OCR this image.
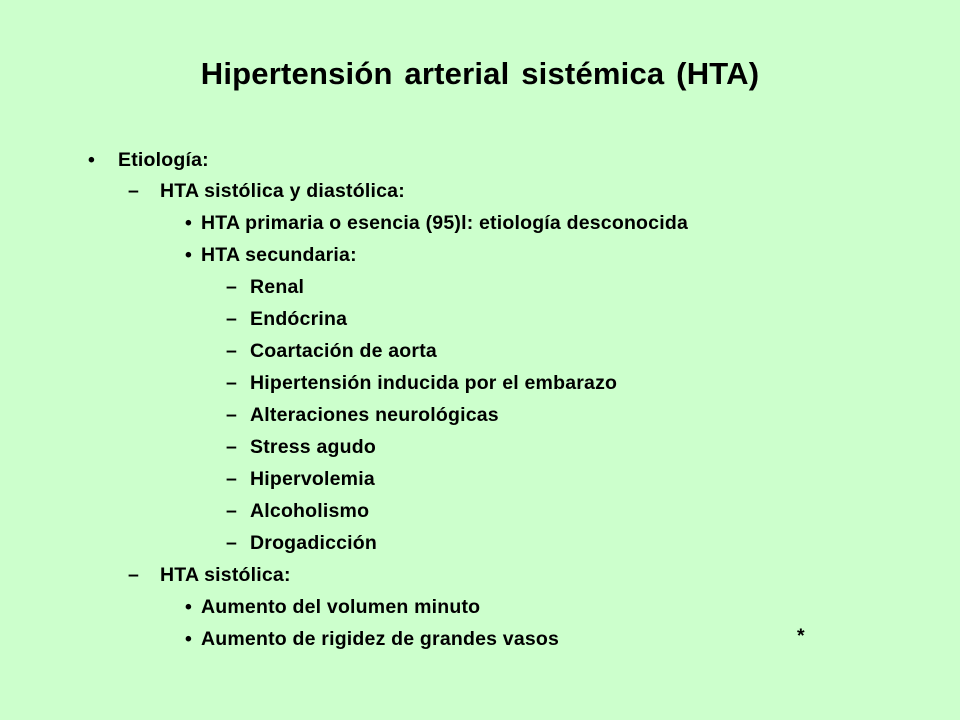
Hipertensión arterial sistémica (HTA)
• Etiología:
– HTA sistólica y diastólica:
• HTA primaria o esencia (95)l: etiología desconocida
• HTA secundaria:
– Renal
– Endócrina
– Coartación de aorta
– Hipertensión inducida por el embarazo
– Alteraciones neurológicas
– Stress agudo
– Hipervolemia
– Alcoholismo
– Drogadicción
– HTA sistólica:
• Aumento del volumen minuto
• Aumento de rigidez de grandes vasos	*
